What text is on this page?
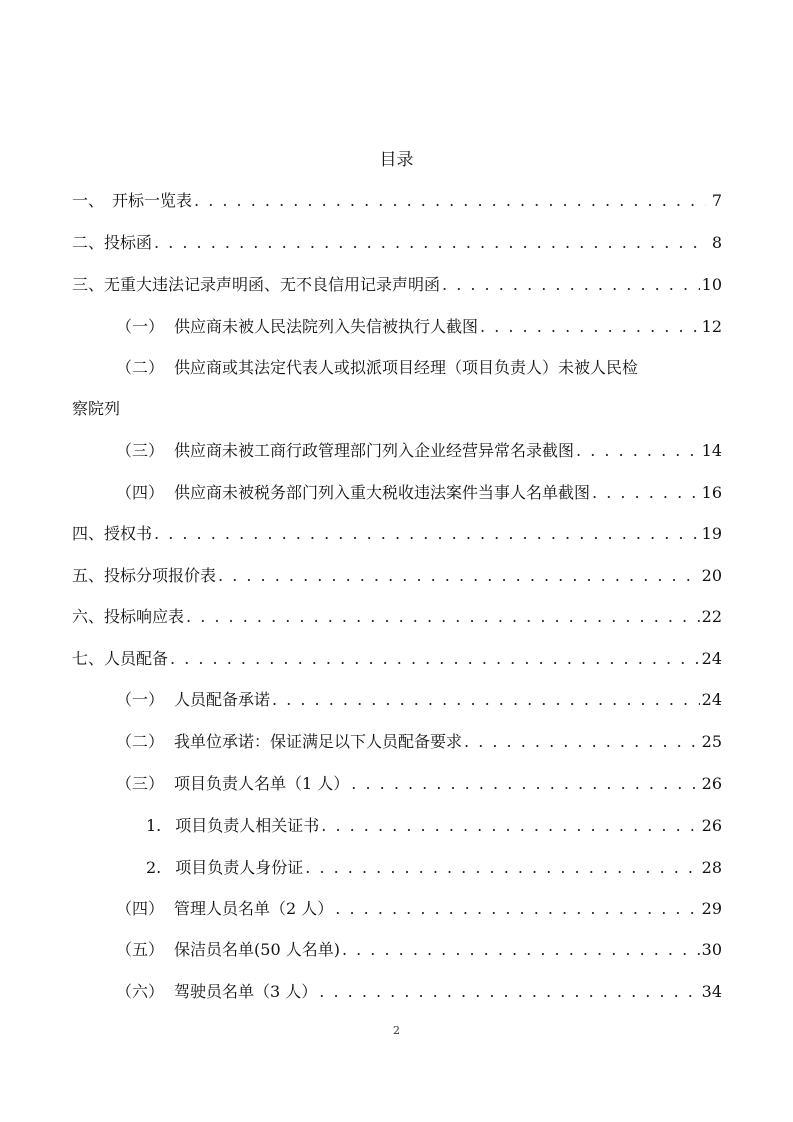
目录
一、 开标一览表 . . .	7
二、 投标函 . . .	8
三、 无重大违法记录声明函、无不良信用记录声明函 . . .	10
（一） 供应商未被人民法院列入失信被执行人截图 . . .	12
（二） 供应商或其法定代表人或拟派项目经理（项目负责人）未被人民检
察院列
（三） 供应商未被工商行政管理部门列入企业经营异常名录截图 . . .	14
（四） 供应商未被税务部门列入重大税收违法案件当事人名单截图 . . .	16
四、 授权书 . . .	19
五、 投标分项报价表 . . .	20
六、 投标响应表 . . .	22
七、 人员配备 . . .	24
（一） 人员配备承诺 . . .	24
（二） 我单位承诺：保证满足以下人员配备要求 . . .	25
（三） 项目负责人名单（1 人） . . .	26
1. 项目负责人相关证书 . . .	26
2. 项目负责人身份证 . . .	28
（四） 管理人员名单（2 人） . . .	29
（五） 保洁员名单(50 人名单) . . .	30
（六） 驾驶员名单（3 人） . . .	34
2
